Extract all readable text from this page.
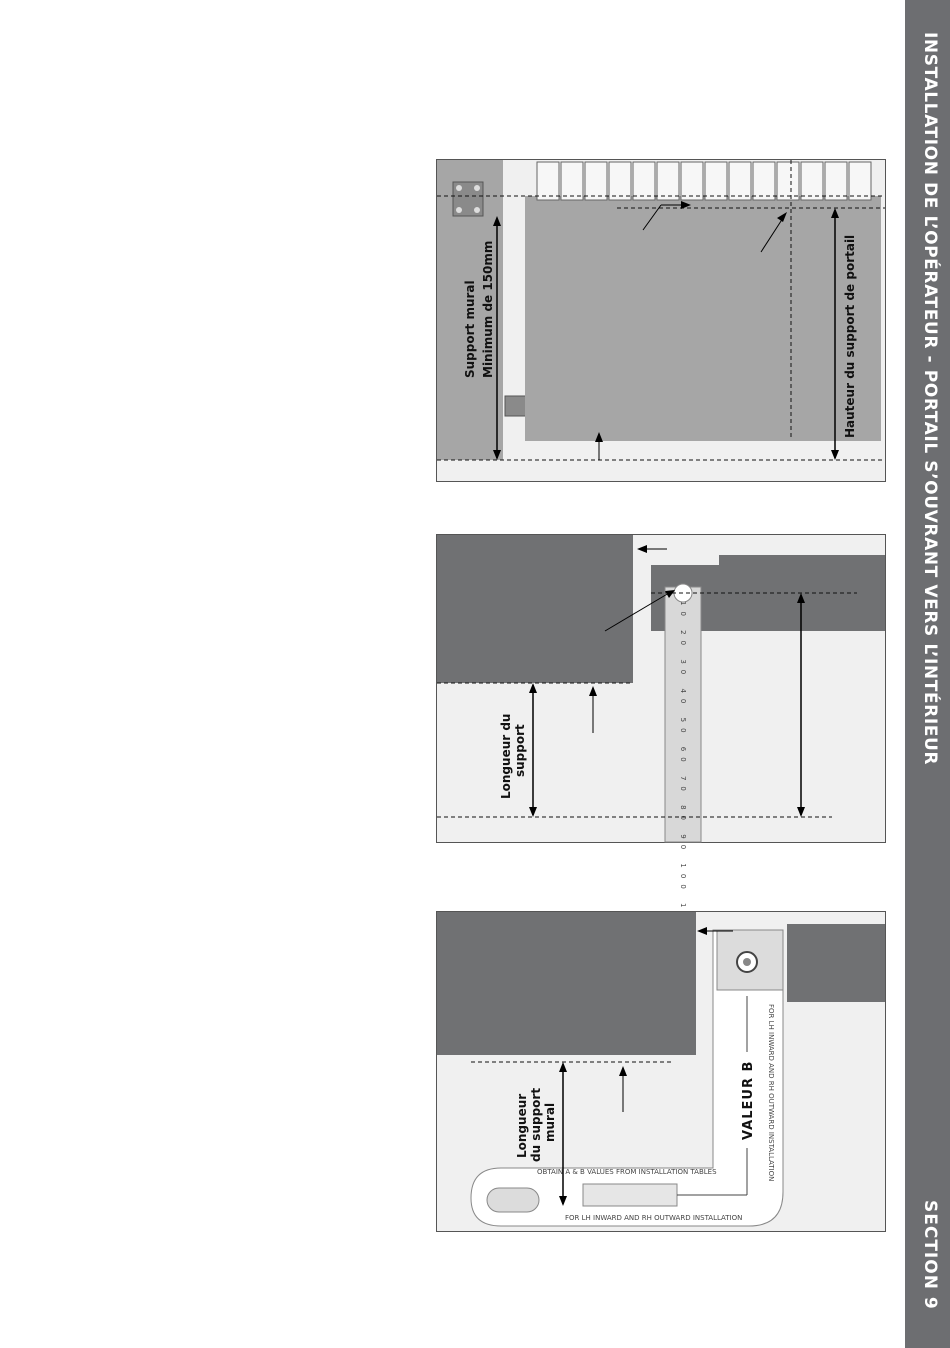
INSTALLATION DE L’OPÉRATEUR - PORTAIL S’OUVRANT VERS L’INTÉRIEUR
SECTION 9
Support mural Minimum de 150mm	Hauteur du support de portail
10 20 30 40 50 60 70 80 90 100
Longueur du support
Longueur du support mural	VALEUR B
OBTAIN A & B VALUES FROM INSTALLATION TABLES
FOR LH INWARD AND RH OUTWARD INSTALLATION
FOR LH INWARD AND RH OUTWARD INSTALLATION
